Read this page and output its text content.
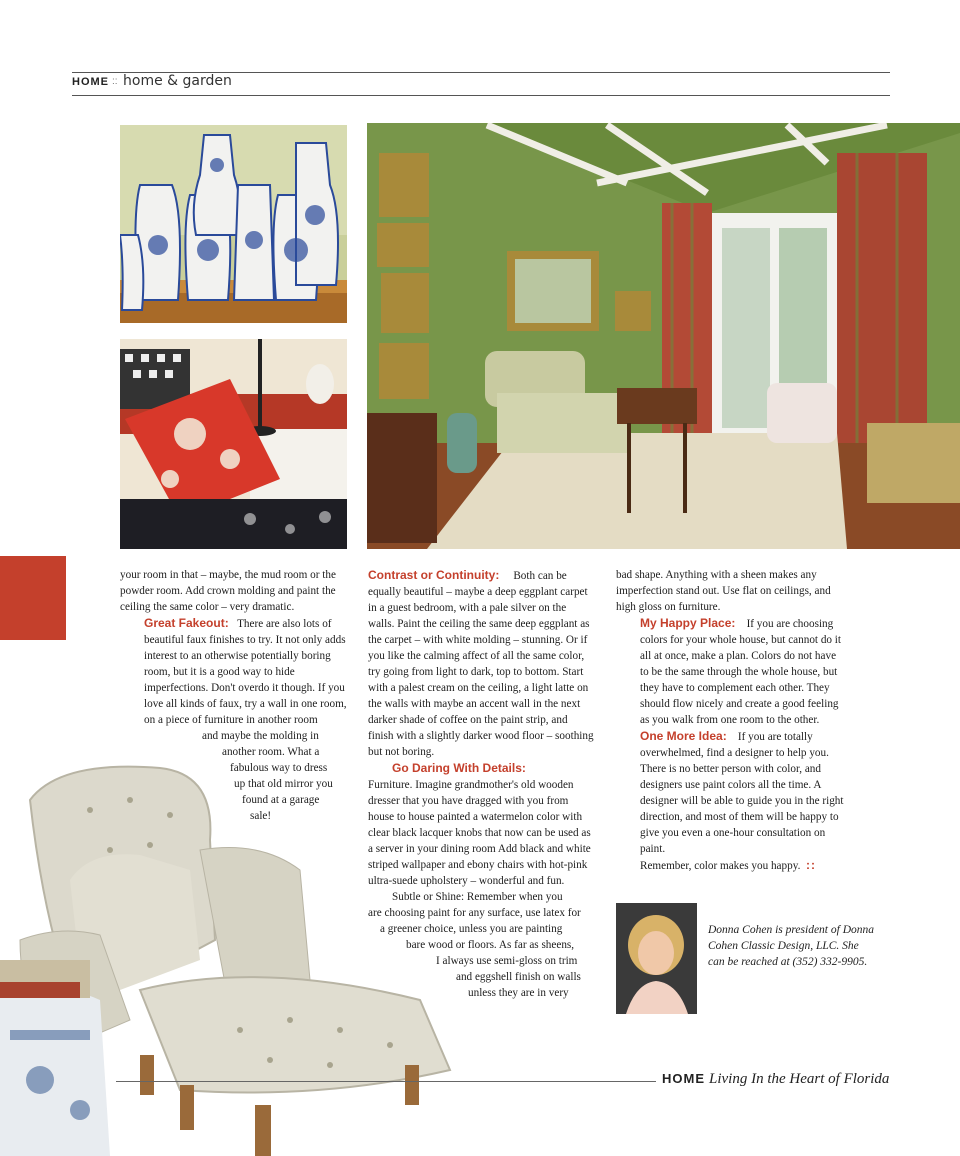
HOME :: home & garden

your room in that – maybe, the mud room or the powder room. Add crown molding and paint the ceiling the same color – very dramatic.

Great Fakeout: There are also lots of beautiful faux finishes to try. It not only adds interest to an otherwise potentially boring room, but it is a good way to hide imperfections. Don't overdo it though. If you love all kinds of faux, try a wall in one room, on a piece of furniture in another room

and maybe the molding in

another room. What a

fabulous way to dress

up that old mirror you

found at a garage

sale!

Contrast or Continuity: Both can be equally beautiful – maybe a deep eggplant carpet in a guest bedroom, with a pale silver on the walls. Paint the ceiling the same deep eggplant as the carpet – with white molding – stunning. Or if you like the calming affect of all the same color, try going from light to dark, top to bottom. Start with a palest cream on the ceiling, a light latte on the walls with maybe an accent wall in the next darker shade of coffee on the paint strip, and finish with a slightly darker wood floor – soothing but not boring.

Go Daring With Details:

Furniture. Imagine grandmother's old wooden dresser that you have dragged with you from house to house painted a watermelon color with clear black lacquer knobs that now can be used as a server in your dining room Add black and white striped wallpaper and ebony chairs with hot-pink ultra-suede upholstery – wonderful and fun.

Subtle or Shine: Remember when you

are choosing paint for any surface, use latex for

a greener choice, unless you are painting

bare wood or floors. As far as sheens,

I always use semi-gloss on trim

and eggshell finish on walls

unless they are in very

bad shape. Anything with a sheen makes any imperfection stand out. Use flat on ceilings, and high gloss on furniture.

My Happy Place: If you are choosing colors for your whole house, but cannot do it all at once, make a plan. Colors do not have to be the same through the whole house, but they have to complement each other. They should flow nicely and create a good feeling as you walk from one room to the other.

One More Idea: If you are totally overwhelmed, find a designer to help you. There is no better person with color, and designers use paint colors all the time. A designer will be able to guide you in the right direction, and most of them will be happy to give you even a one-hour consultation on paint.

Remember, color makes you happy. ::

Donna Cohen is president of Donna Cohen Classic Design, LLC. She can be reached at (352) 332-9905.
HOME Living In the Heart of Florida
